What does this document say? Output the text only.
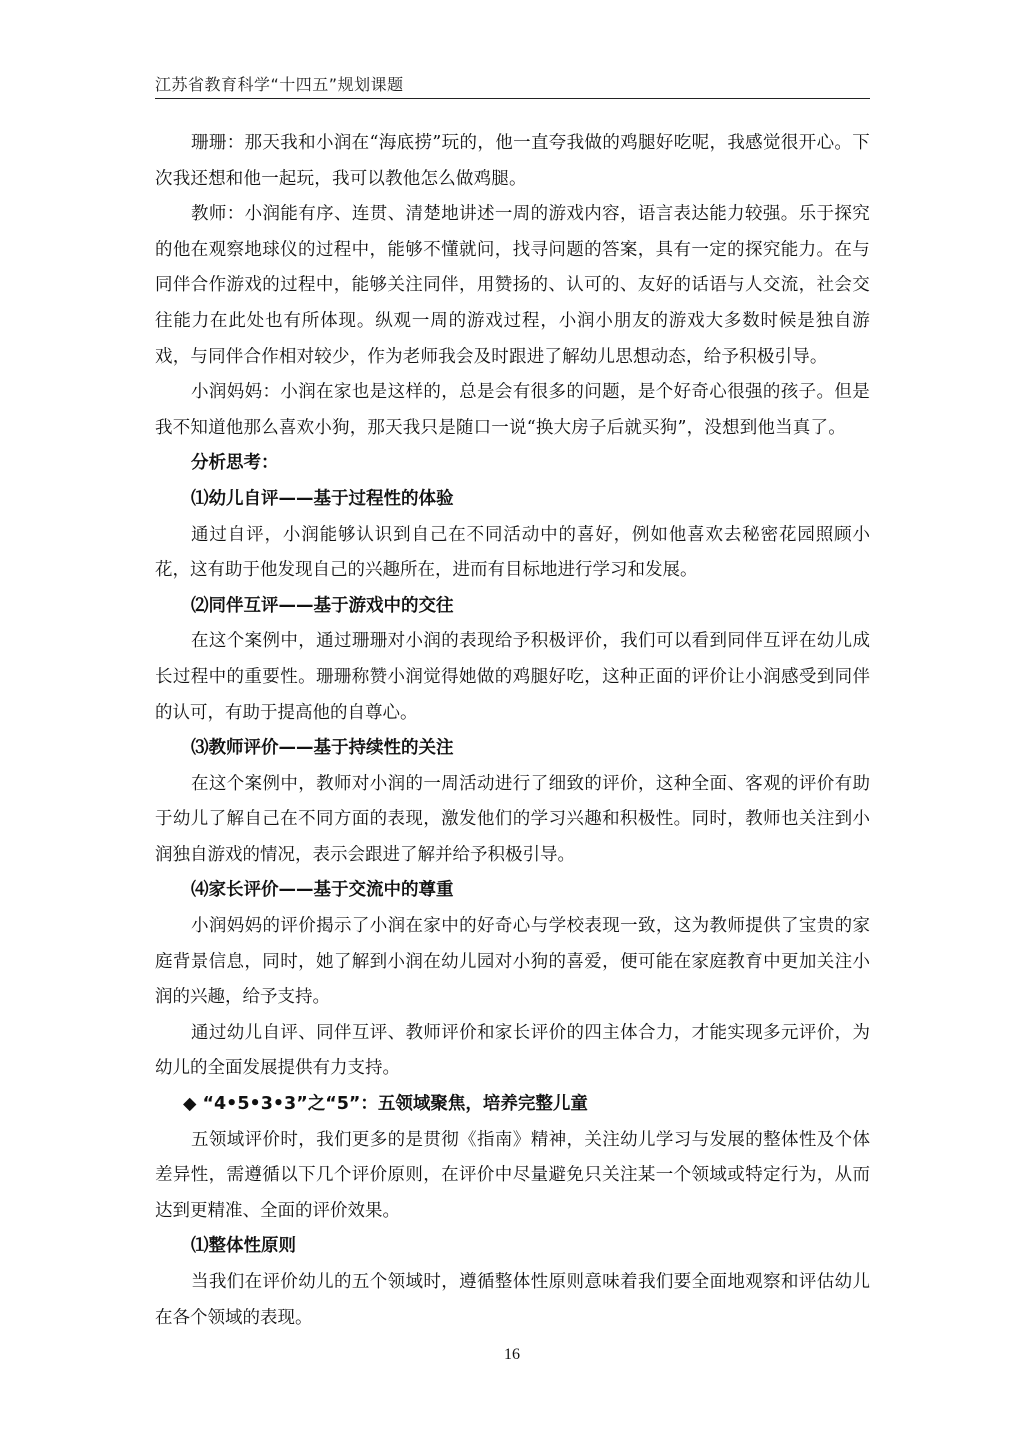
江苏省教育科学“十四五”规划课题

珊珊：那天我和小润在“海底捞”玩的，他一直夸我做的鸡腿好吃呢，我感觉很开心。下次我还想和他一起玩，我可以教他怎么做鸡腿。

教师：小润能有序、连贯、清楚地讲述一周的游戏内容，语言表达能力较强。乐于探究的他在观察地球仪的过程中，能够不懂就问，找寻问题的答案，具有一定的探究能力。在与同伴合作游戏的过程中，能够关注同伴，用赞扬的、认可的、友好的话语与人交流，社会交往能力在此处也有所体现。纵观一周的游戏过程，小润小朋友的游戏大多数时候是独自游戏，与同伴合作相对较少，作为老师我会及时跟进了解幼儿思想动态，给予积极引导。

小润妈妈：小润在家也是这样的，总是会有很多的问题，是个好奇心很强的孩子。但是我不知道他那么喜欢小狗，那天我只是随口一说“换大房子后就买狗”，没想到他当真了。

分析思考：

⑴幼儿自评——基于过程性的体验

通过自评，小润能够认识到自己在不同活动中的喜好，例如他喜欢去秘密花园照顾小花，这有助于他发现自己的兴趣所在，进而有目标地进行学习和发展。

⑵同伴互评——基于游戏中的交往

在这个案例中，通过珊珊对小润的表现给予积极评价，我们可以看到同伴互评在幼儿成长过程中的重要性。珊珊称赞小润觉得她做的鸡腿好吃，这种正面的评价让小润感受到同伴的认可，有助于提高他的自尊心。

⑶教师评价——基于持续性的关注

在这个案例中，教师对小润的一周活动进行了细致的评价，这种全面、客观的评价有助于幼儿了解自己在不同方面的表现，激发他们的学习兴趣和积极性。同时，教师也关注到小润独自游戏的情况，表示会跟进了解并给予积极引导。

⑷家长评价——基于交流中的尊重

小润妈妈的评价揭示了小润在家中的好奇心与学校表现一致，这为教师提供了宝贵的家庭背景信息，同时，她了解到小润在幼儿园对小狗的喜爱，便可能在家庭教育中更加关注小润的兴趣，给予支持。

通过幼儿自评、同伴互评、教师评价和家长评价的四主体合力，才能实现多元评价，为幼儿的全面发展提供有力支持。

◆ “4•5•3•3”之“5”：五领域聚焦，培养完整儿童

五领域评价时，我们更多的是贯彻《指南》精神，关注幼儿学习与发展的整体性及个体差异性，需遵循以下几个评价原则，在评价中尽量避免只关注某一个领域或特定行为，从而达到更精准、全面的评价效果。

⑴整体性原则

当我们在评价幼儿的五个领域时，遵循整体性原则意味着我们要全面地观察和评估幼儿在各个领域的表现。

16
